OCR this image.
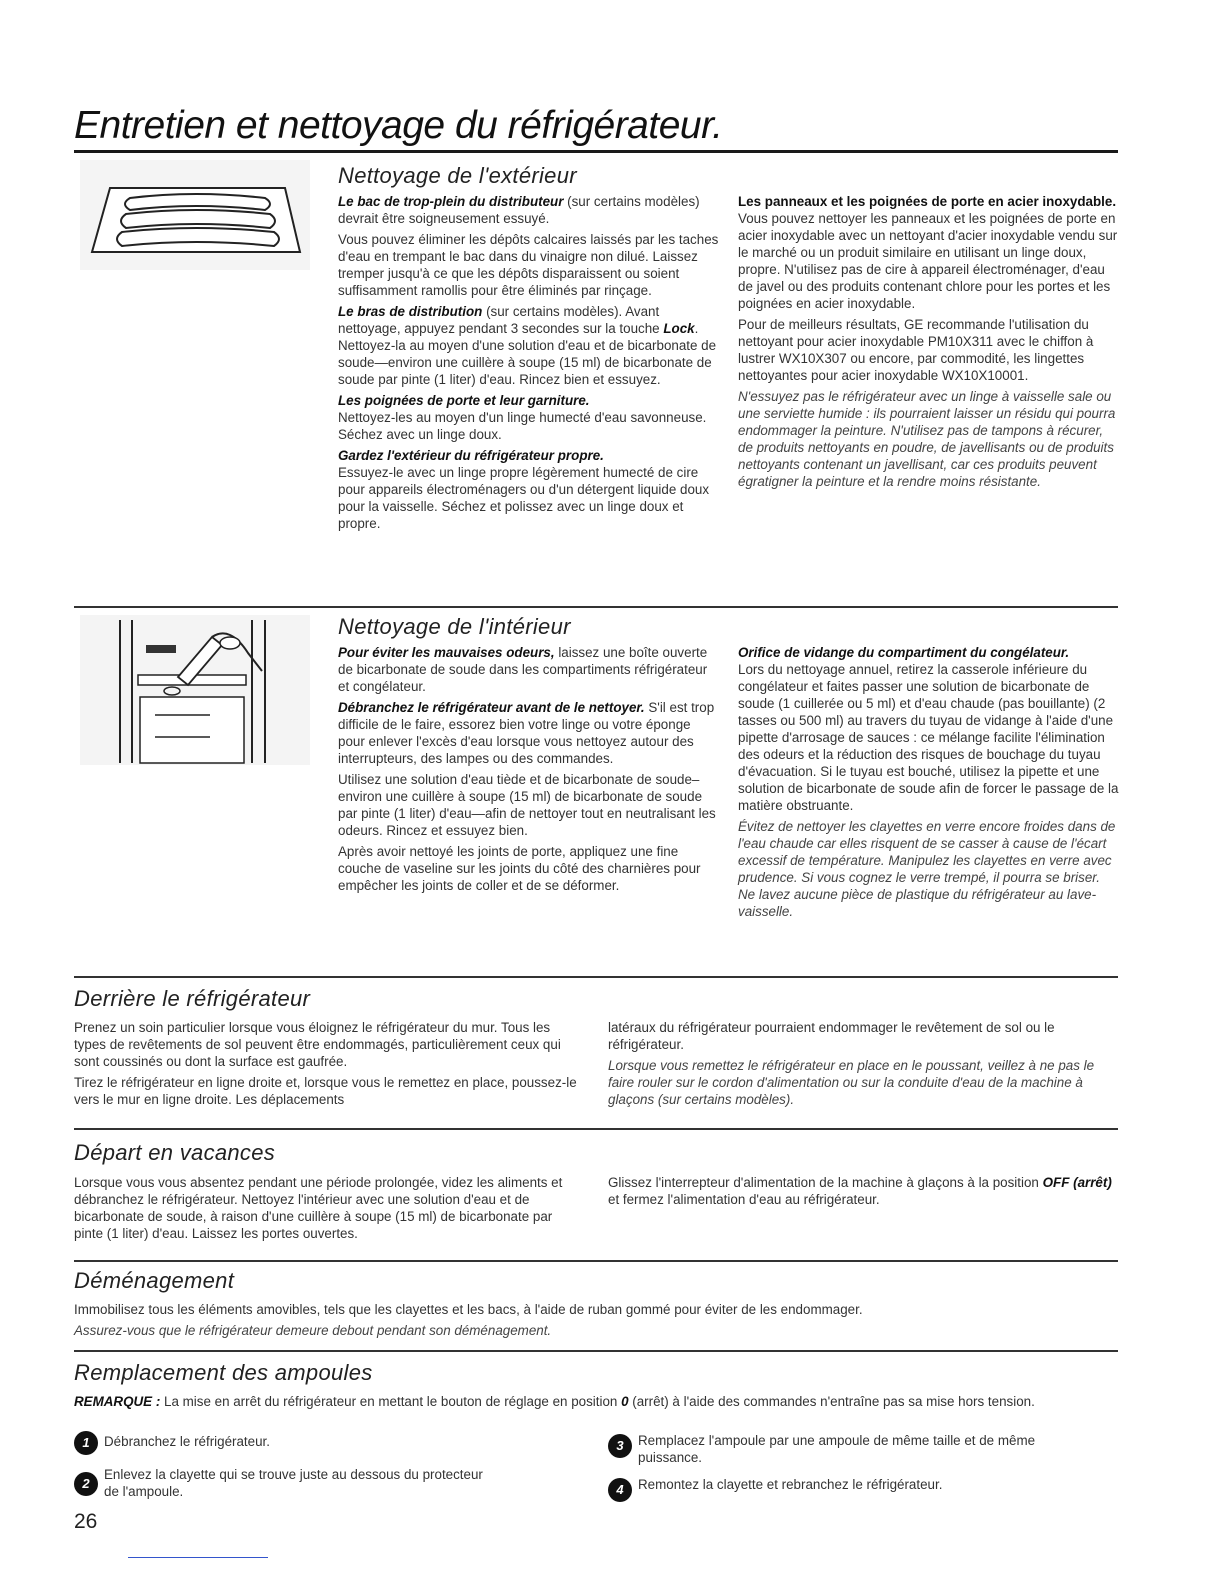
Entretien et nettoyage du réfrigérateur.
Nettoyage de l'extérieur

Le bac de trop-plein du distributeur (sur certains modèles) devrait être soigneusement essuyé.

Vous pouvez éliminer les dépôts calcaires laissés par les taches d'eau en trempant le bac dans du vinaigre non dilué. Laissez tremper jusqu'à ce que les dépôts disparaissent ou soient suffisamment ramollis pour être éliminés par rinçage.

Le bras de distribution (sur certains modèles). Avant nettoyage, appuyez pendant 3 secondes sur la touche Lock. Nettoyez-la au moyen d'une solution d'eau et de bicarbonate de soude—environ une cuillère à soupe (15 ml) de bicarbonate de soude par pinte (1 liter) d'eau. Rincez bien et essuyez.

Les poignées de porte et leur garniture.
Nettoyez-les au moyen d'un linge humecté d'eau savonneuse. Séchez avec un linge doux.

Gardez l'extérieur du réfrigérateur propre.
Essuyez-le avec un linge propre légèrement humecté de cire pour appareils électroménagers ou d'un détergent liquide doux pour la vaisselle. Séchez et polissez avec un linge doux et propre.

Les panneaux et les poignées de porte en acier inoxydable. Vous pouvez nettoyer les panneaux et les poignées de porte en acier inoxydable avec un nettoyant d'acier inoxydable vendu sur le marché ou un produit similaire en utilisant un linge doux, propre. N'utilisez pas de cire à appareil électroménager, d'eau de javel ou des produits contenant chlore pour les portes et les poignées en acier inoxydable.

Pour de meilleurs résultats, GE recommande l'utilisation du nettoyant pour acier inoxydable PM10X311 avec le chiffon à lustrer WX10X307 ou encore, par commodité, les lingettes nettoyantes pour acier inoxydable WX10X10001.

N'essuyez pas le réfrigérateur avec un linge à vaisselle sale ou une serviette humide : ils pourraient laisser un résidu qui pourra endommager la peinture. N'utilisez pas de tampons à récurer, de produits nettoyants en poudre, de javellisants ou de produits nettoyants contenant un javellisant, car ces produits peuvent égratigner la peinture et la rendre moins résistante.

Nettoyage de l'intérieur

Pour éviter les mauvaises odeurs, laissez une boîte ouverte de bicarbonate de soude dans les compartiments réfrigérateur et congélateur.

Débranchez le réfrigérateur avant de le nettoyer. S'il est trop difficile de le faire, essorez bien votre linge ou votre éponge pour enlever l'excès d'eau lorsque vous nettoyez autour des interrupteurs, des lampes ou des commandes.

Utilisez une solution d'eau tiède et de bicarbonate de soude–environ une cuillère à soupe (15 ml) de bicarbonate de soude par pinte (1 liter) d'eau—afin de nettoyer tout en neutralisant les odeurs. Rincez et essuyez bien.

Après avoir nettoyé les joints de porte, appliquez une fine couche de vaseline sur les joints du côté des charnières pour empêcher les joints de coller et de se déformer.

Orifice de vidange du compartiment du congélateur.
Lors du nettoyage annuel, retirez la casserole inférieure du congélateur et faites passer une solution de bicarbonate de soude (1 cuillerée ou 5 ml) et d'eau chaude (pas bouillante) (2 tasses ou 500 ml) au travers du tuyau de vidange à l'aide d'une pipette d'arrosage de sauces : ce mélange facilite l'élimination des odeurs et la réduction des risques de bouchage du tuyau d'évacuation. Si le tuyau est bouché, utilisez la pipette et une solution de bicarbonate de soude afin de forcer le passage de la matière obstruante.

Évitez de nettoyer les clayettes en verre encore froides dans de l'eau chaude car elles risquent de se casser à cause de l'écart excessif de température. Manipulez les clayettes en verre avec prudence. Si vous cognez le verre trempé, il pourra se briser. Ne lavez aucune pièce de plastique du réfrigérateur au lave-vaisselle.

Derrière le réfrigérateur

Prenez un soin particulier lorsque vous éloignez le réfrigérateur du mur. Tous les types de revêtements de sol peuvent être endommagés, particulièrement ceux qui sont coussinés ou dont la surface est gaufrée.

Tirez le réfrigérateur en ligne droite et, lorsque vous le remettez en place, poussez-le vers le mur en ligne droite. Les déplacements

latéraux du réfrigérateur pourraient endommager le revêtement de sol ou le réfrigérateur.

Lorsque vous remettez le réfrigérateur en place en le poussant, veillez à ne pas le faire rouler sur le cordon d'alimentation ou sur la conduite d'eau de la machine à glaçons (sur certains modèles).

Départ en vacances

Lorsque vous vous absentez pendant une période prolongée, videz les aliments et débranchez le réfrigérateur. Nettoyez l'intérieur avec une solution d'eau et de bicarbonate de soude, à raison d'une cuillère à soupe (15 ml) de bicarbonate par pinte (1 liter) d'eau. Laissez les portes ouvertes.

Glissez l'interrepteur d'alimentation de la machine à glaçons à la position OFF (arrêt) et fermez l'alimentation d'eau au réfrigérateur.

Déménagement

Immobilisez tous les éléments amovibles, tels que les clayettes et les bacs, à l'aide de ruban gommé pour éviter de les endommager.

Assurez-vous que le réfrigérateur demeure debout pendant son déménagement.

Remplacement des ampoules

REMARQUE : La mise en arrêt du réfrigérateur en mettant le bouton de réglage en position 0 (arrêt) à l'aide des commandes n'entraîne pas sa mise hors tension.

1	Débranchez le réfrigérateur.
2
Enlevez la clayette qui se trouve juste au dessous du protecteur de l'ampoule.
3	Remplacez l'ampoule par une ampoule de même taille et de même puissance.
4	Remontez la clayette et rebranchez le réfrigérateur.
26
